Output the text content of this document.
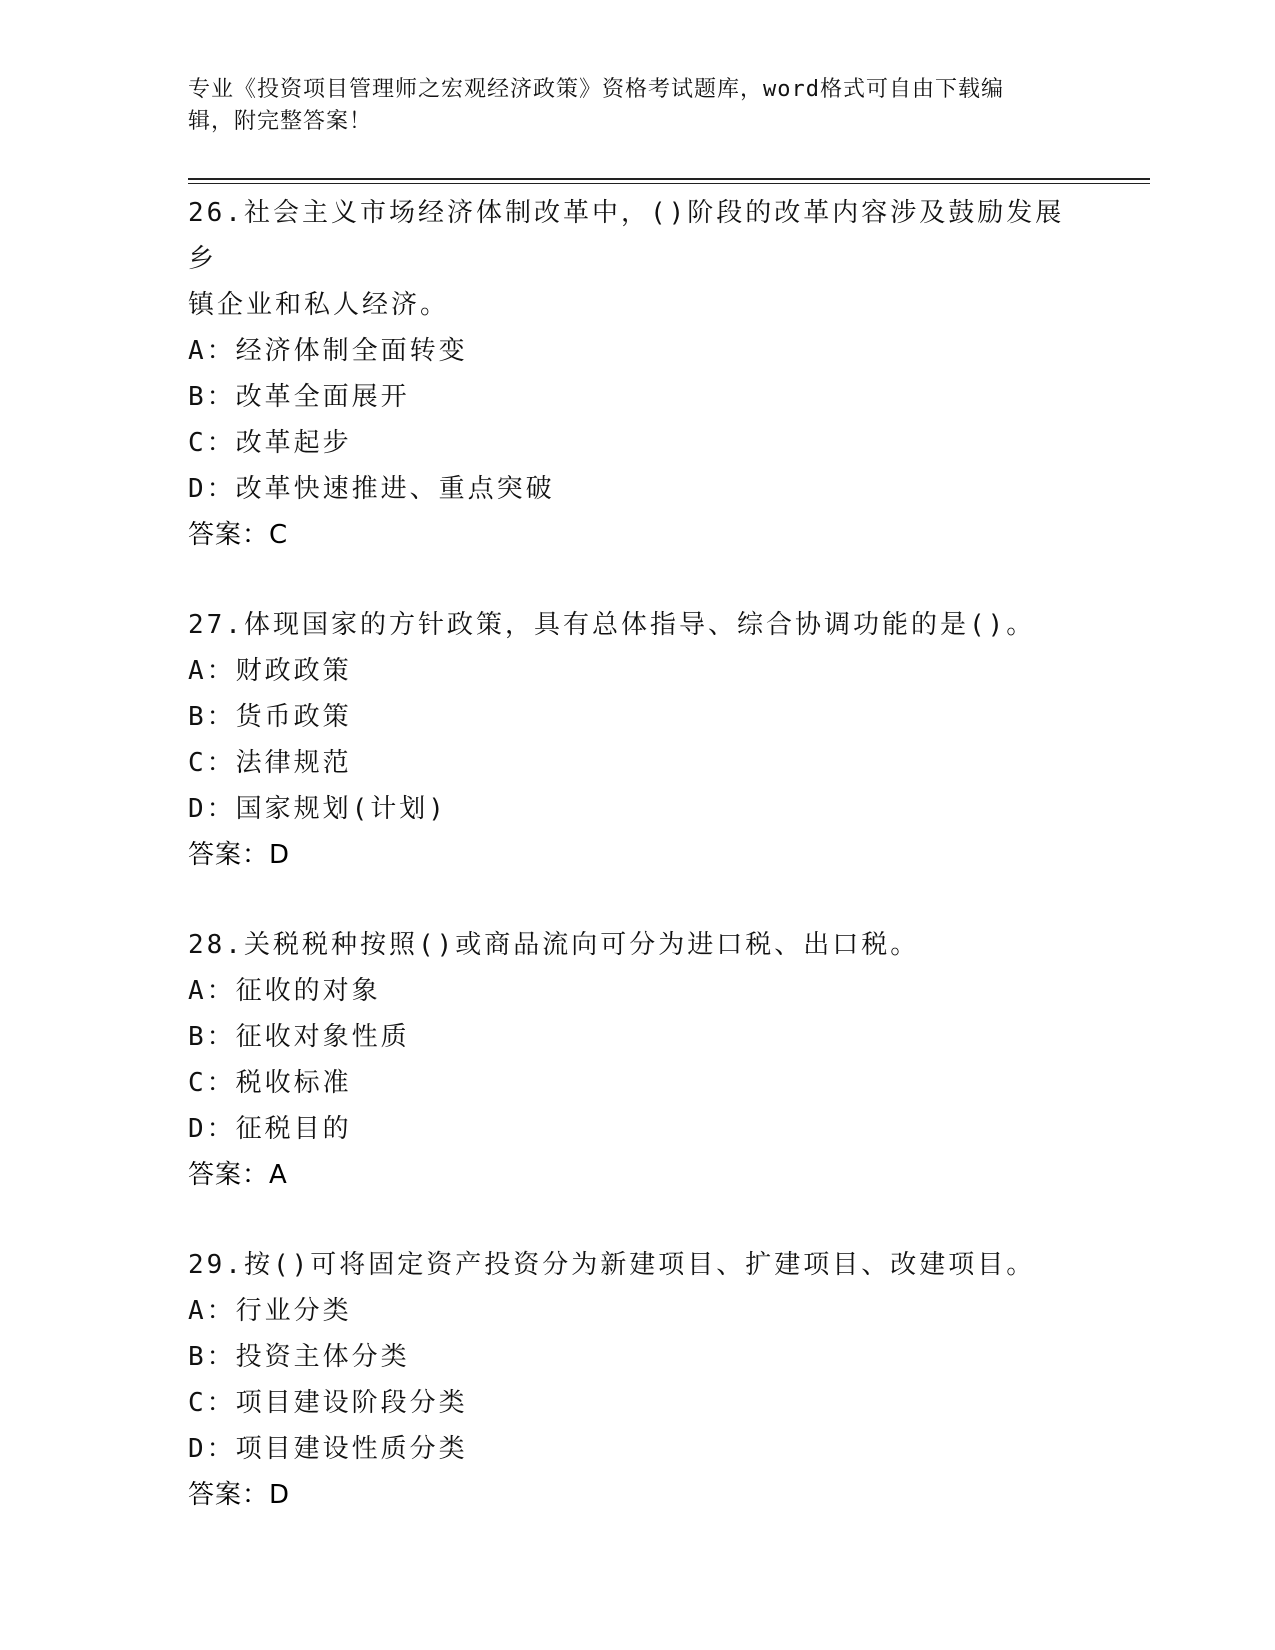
专业《投资项目管理师之宏观经济政策》资格考试题库，word格式可自由下载编
辑，附完整答案！
26.社会主义市场经济体制改革中，()阶段的改革内容涉及鼓励发展乡
镇企业和私人经济。
A：经济体制全面转变
B：改革全面展开
C：改革起步
D：改革快速推进、重点突破
答案：C
27.体现国家的方针政策，具有总体指导、综合协调功能的是()。
A：财政政策
B：货币政策
C：法律规范
D：国家规划(计划)
答案：D
28.关税税种按照()或商品流向可分为进口税、出口税。
A：征收的对象
B：征收对象性质
C：税收标准
D：征税目的
答案：A
29.按()可将固定资产投资分为新建项目、扩建项目、改建项目。
A：行业分类
B：投资主体分类
C：项目建设阶段分类
D：项目建设性质分类
答案：D
